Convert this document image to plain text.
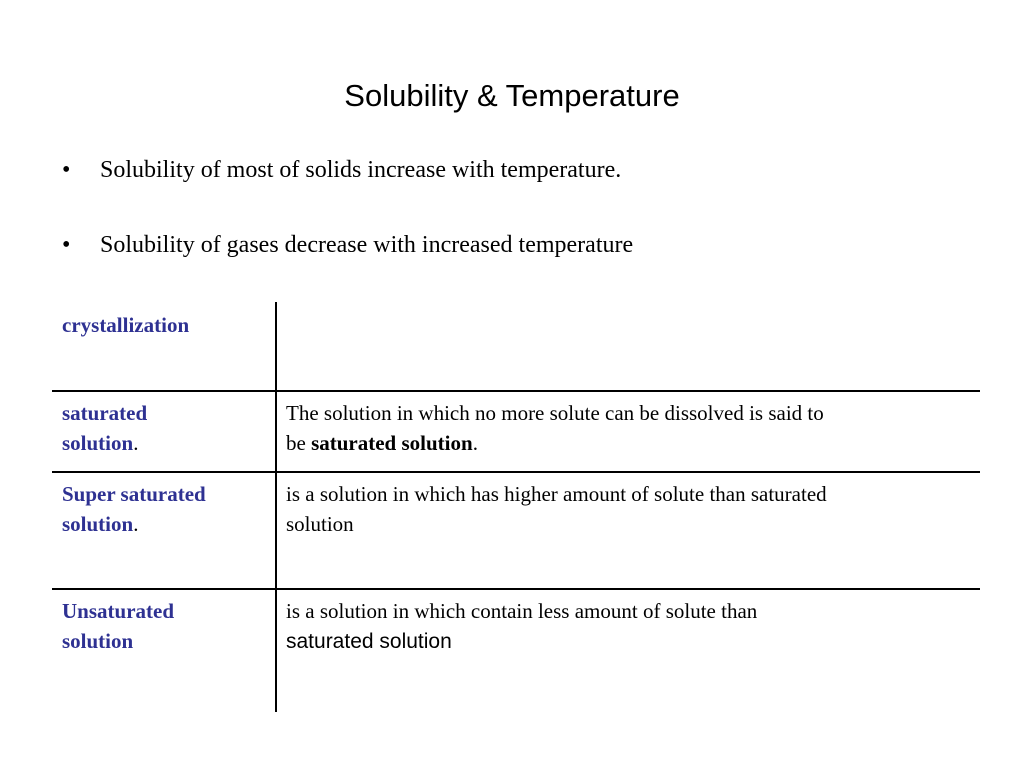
Solubility & Temperature
• Solubility of most of solids increase with temperature.
• Solubility of gases decrease with increased temperature
crystallization
saturated
solution.
The solution in which no more solute can be dissolved is said to
be saturated solution.
Super saturated
solution.
is a solution in which has higher amount of solute than saturated
solution
Unsaturated
solution
is a solution in which contain less amount of solute than
saturated solution
